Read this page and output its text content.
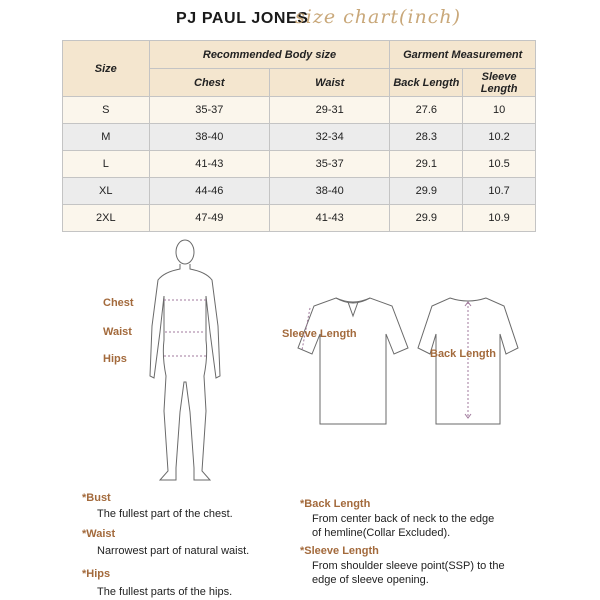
PJ PAUL JONES
size chart(inch)
Size	Recommended Body size		Garment Measurement	
	Chest	Waist	Back Length	Sleeve Length
S	35-37	29-31	27.6	10
M	38-40	32-34	28.3	10.2
L	41-43	35-37	29.1	10.5
XL	44-46	38-40	29.9	10.7
2XL	47-49	41-43	29.9	10.9
Chest
Waist
Hips
Sleeve Length
Back Length
*Bust
The fullest part of the chest.
*Waist
Narrowest part of natural waist.
*Hips
The fullest parts of the hips.
*Back Length
From center back of neck to the edge
of hemline(Collar Excluded).
*Sleeve Length
From shoulder sleeve point(SSP) to the
edge of sleeve opening.
